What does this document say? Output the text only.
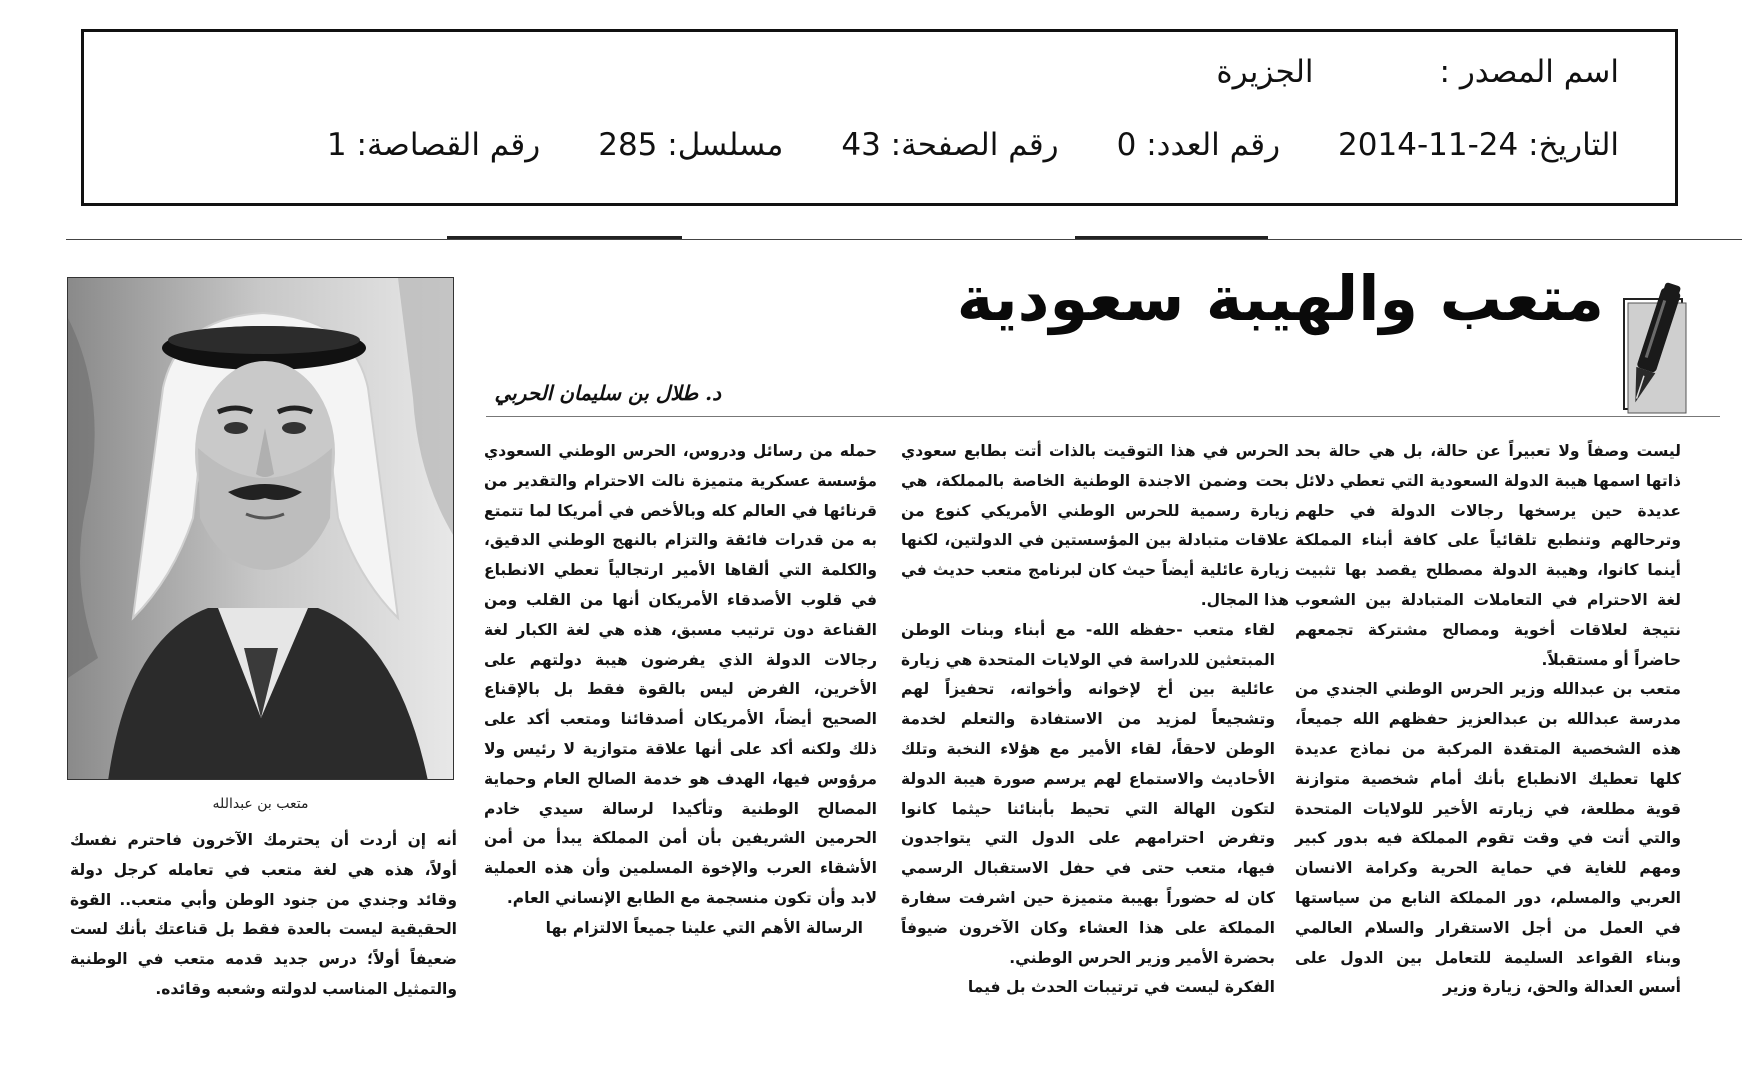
اسم المصدر :
الجزيرة
التاريخ: 24-11-2014
رقم العدد: 0
رقم الصفحة: 43
مسلسل: 285
رقم القصاصة: 1
متعب والهيبة سعودية
د. طلال بن سليمان الحربي
متعب بن عبدالله

ليست وصفاً ولا تعبيراً عن حالة، بل هي حالة بحد ذاتها اسمها هيبة الدولة السعودية التي تعطي دلائل عديدة حين يرسخها رجالات الدولة في حلهم وترحالهم وتنطبع تلقائياً على كافة أبناء المملكة أينما كانوا، وهيبة الدولة مصطلح يقصد بها تثبيت لغة الاحترام في التعاملات المتبادلة بين الشعوب نتيجة لعلاقات أخوية ومصالح مشتركة تجمعهم حاضراً أو مستقبلاً.

متعب بن عبدالله وزير الحرس الوطني الجندي من مدرسة عبدالله بن عبدالعزيز حفظهم الله جميعاً، هذه الشخصية المتقدة المركبة من نماذج عديدة كلها تعطيك الانطباع بأنك أمام شخصية متوازنة قوية مطلعة، في زيارته الأخير للولايات المتحدة والتي أتت في وقت تقوم المملكة فيه بدور كبير ومهم للغاية في حماية الحرية وكرامة الانسان العربي والمسلم، دور المملكة النابع من سياستها في العمل من أجل الاستقرار والسلام العالمي وبناء القواعد السليمة للتعامل بين الدول على أسس العدالة والحق، زيارة وزير

الحرس في هذا التوقيت بالذات أتت بطابع سعودي بحت وضمن الاجندة الوطنية الخاصة بالمملكة، هي زيارة رسمية للحرس الوطني الأمريكي كنوع من علاقات متبادلة بين المؤسستين في الدولتين، لكنها زيارة عائلية أيضاً حيث كان لبرنامج متعب حديث في هذا المجال.

لقاء متعب -حفظه الله- مع أبناء وبنات الوطن المبتعثين للدراسة في الولايات المتحدة هي زيارة عائلية بين أخ لإخوانه وأخواته، تحفيزاً لهم وتشجيعاً لمزيد من الاستفادة والتعلم لخدمة الوطن لاحقاً، لقاء الأمير مع هؤلاء النخبة وتلك الأحاديث والاستماع لهم يرسم صورة هيبة الدولة لتكون الهالة التي تحيط بأبنائنا حيثما كانوا وتفرض احترامهم على الدول التي يتواجدون فيها، متعب حتى في حفل الاستقبال الرسمي كان له حضوراً بهيبة متميزة حين اشرفت سفارة المملكة على هذا العشاء وكان الآخرون ضيوفاً بحضرة الأمير وزير الحرس الوطني.

الفكرة ليست في ترتيبات الحدث بل فيما

حمله من رسائل ودروس، الحرس الوطني السعودي مؤسسة عسكرية متميزة نالت الاحترام والتقدير من قرنائها في العالم كله وبالأخص في أمريكا لما تتمتع به من قدرات فائقة والتزام بالنهج الوطني الدقيق، والكلمة التي ألقاها الأمير ارتجالياً تعطي الانطباع في قلوب الأصدقاء الأمريكان أنها من القلب ومن القناعة دون ترتيب مسبق، هذه هي لغة الكبار لغة رجالات الدولة الذي يفرضون هيبة دولتهم على الأخرين، الفرض ليس بالقوة فقط بل بالإقناع الصحيح أيضاً، الأمريكان أصدقائنا ومتعب أكد على ذلك ولكنه أكد على أنها علاقة متوازية لا رئيس ولا مرؤوس فيها، الهدف هو خدمة الصالح العام وحماية المصالح الوطنية وتأكيدا لرسالة سيدي خادم الحرمين الشريفين بأن أمن المملكة يبدأ من أمن الأشقاء العرب والإخوة المسلمين وأن هذه العملية لابد وأن تكون منسجمة مع الطابع الإنساني العام.

الرسالة الأهم التي علينا جميعاً الالتزام بها

أنه إن أردت أن يحترمك الآخرون فاحترم نفسك أولاً، هذه هي لغة متعب في تعامله كرجل دولة وقائد وجندي من جنود الوطن وأبي متعب.. القوة الحقيقية ليست بالعدة فقط بل قناعتك بأنك لست ضعيفاً أولاً؛ درس جديد قدمه متعب في الوطنية والتمثيل المناسب لدولته وشعبه وقائده.
